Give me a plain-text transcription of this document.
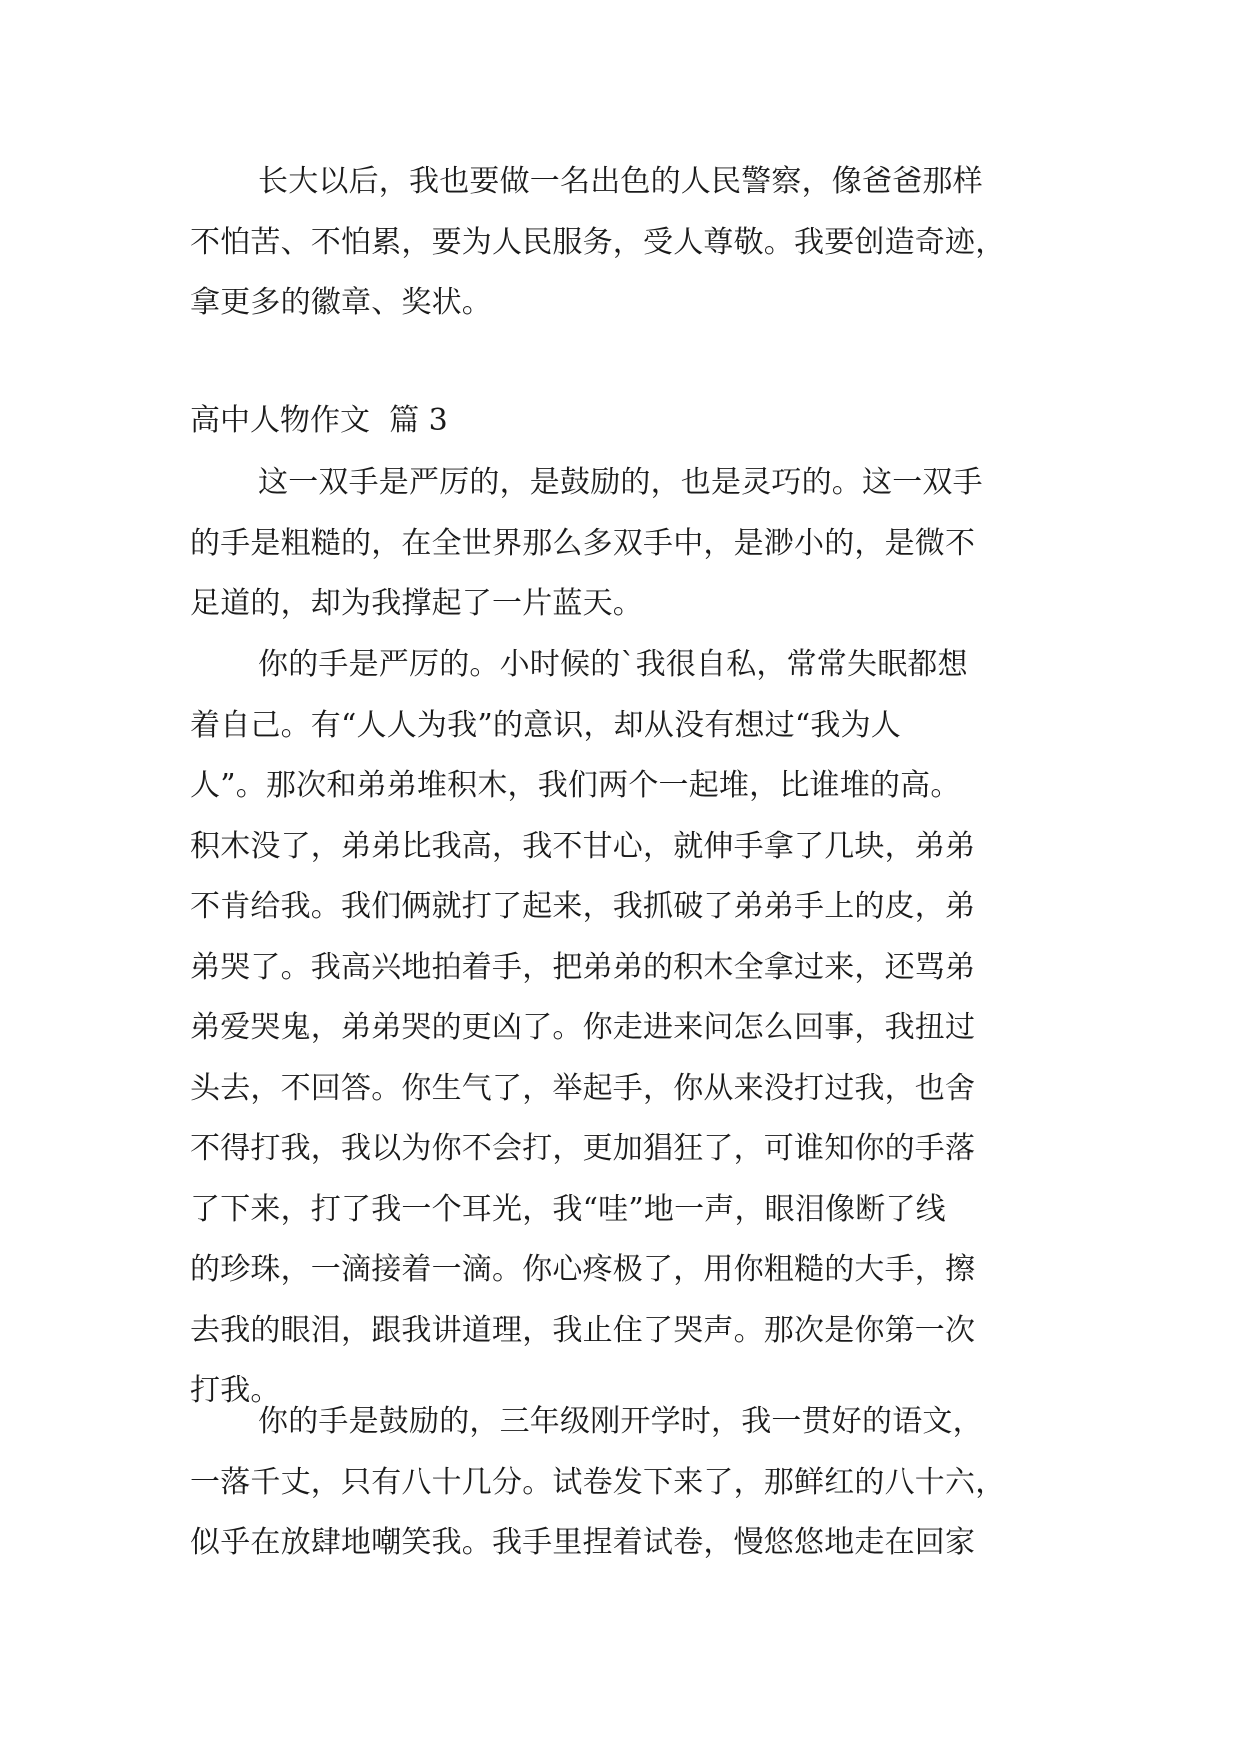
长大以后，我也要做一名出色的人民警察，像爸爸那样
不怕苦、不怕累，要为人民服务，受人尊敬。我要创造奇迹，
拿更多的徽章、奖状。
高中人物作文  篇 3
这一双手是严厉的，是鼓励的，也是灵巧的。这一双手
的手是粗糙的，在全世界那么多双手中，是渺小的，是微不
足道的，却为我撑起了一片蓝天。
你的手是严厉的。小时候的`我很自私，常常失眠都想
着自己。有“人人为我”的意识，却从没有想过“我为人
人”。那次和弟弟堆积木，我们两个一起堆，比谁堆的高。
积木没了，弟弟比我高，我不甘心，就伸手拿了几块，弟弟
不肯给我。我们俩就打了起来，我抓破了弟弟手上的皮，弟
弟哭了。我高兴地拍着手，把弟弟的积木全拿过来，还骂弟
弟爱哭鬼，弟弟哭的更凶了。你走进来问怎么回事，我扭过
头去，不回答。你生气了，举起手，你从来没打过我，也舍
不得打我，我以为你不会打，更加猖狂了，可谁知你的手落
了下来，打了我一个耳光，我“哇”地一声，眼泪像断了线
的珍珠，一滴接着一滴。你心疼极了，用你粗糙的大手，擦
去我的眼泪，跟我讲道理，我止住了哭声。那次是你第一次
打我。
你的手是鼓励的，三年级刚开学时，我一贯好的语文，
一落千丈，只有八十几分。试卷发下来了，那鲜红的八十六，
似乎在放肆地嘲笑我。我手里捏着试卷，慢悠悠地走在回家
